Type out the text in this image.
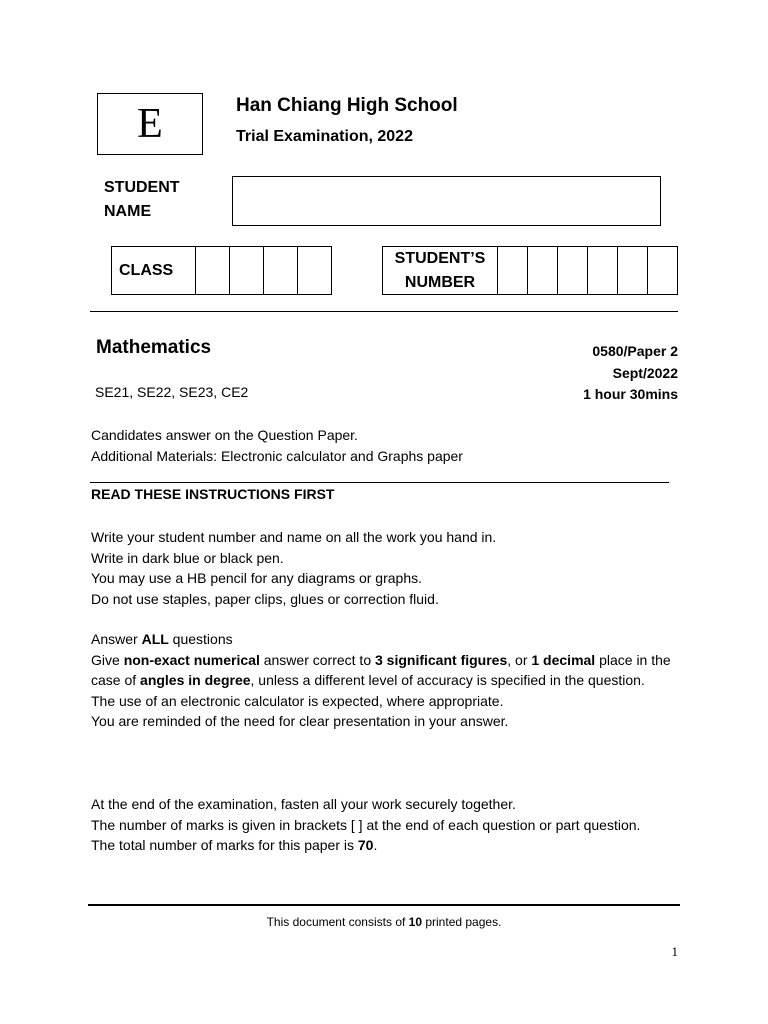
E	Han Chiang High School
Trial Examination, 2022
STUDENT
NAME
CLASS
STUDENT’S
NUMBER
Mathematics
SE21, SE22, SE23, CE2
0580/Paper 2
Sept/2022
1 hour 30mins
Candidates answer on the Question Paper.
Additional Materials: Electronic calculator and Graphs paper
READ THESE INSTRUCTIONS FIRST
Write your student number and name on all the work you hand in.
Write in dark blue or black pen.
You may use a HB pencil for any diagrams or graphs.
Do not use staples, paper clips, glues or correction fluid.
Answer ALL questions
Give non-exact numerical answer correct to 3 significant figures, or 1 decimal place in the case of angles in degree, unless a different level of accuracy is specified in the question.
The use of an electronic calculator is expected, where appropriate.
You are reminded of the need for clear presentation in your answer.
At the end of the examination, fasten all your work securely together.
The number of marks is given in brackets [ ] at the end of each question or part question.
The total number of marks for this paper is 70.
This document consists of 10 printed pages.
1
